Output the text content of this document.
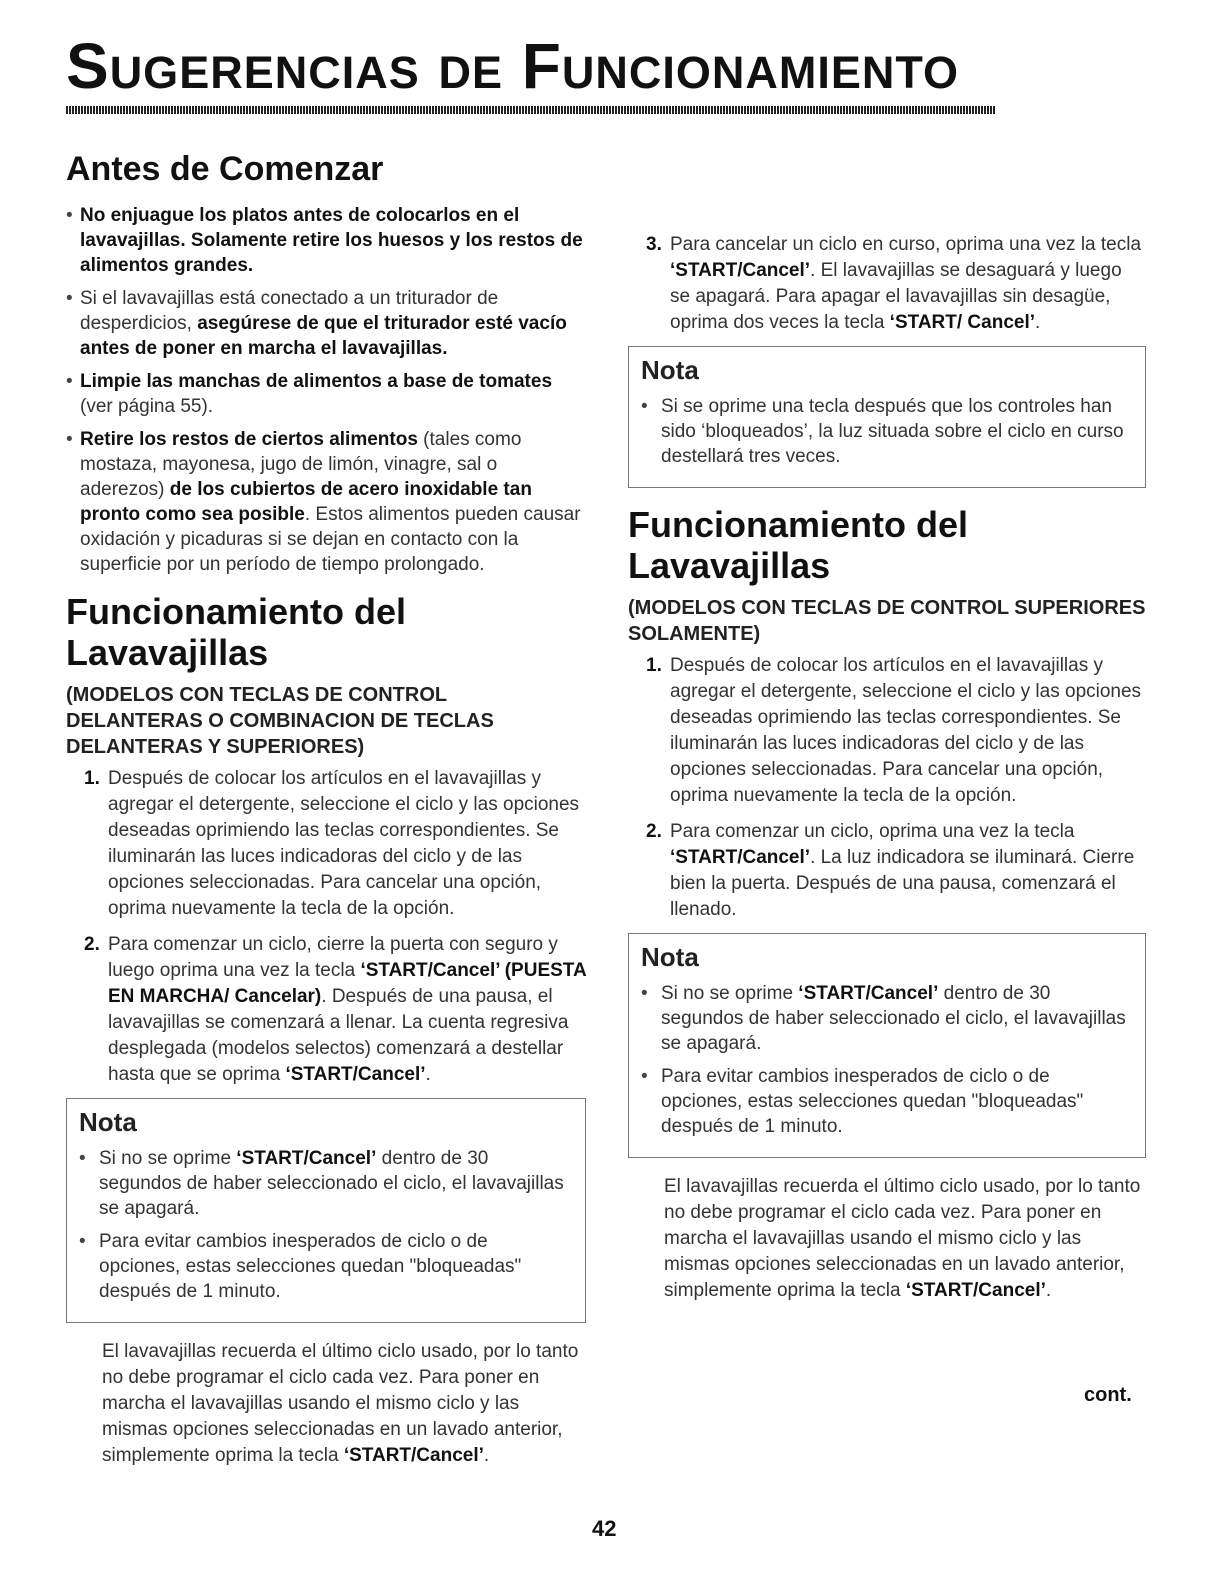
Sugerencias de Funcionamiento
Antes de Comenzar
• No enjuague los platos antes de colocarlos en el lavavajillas. Solamente retire los huesos y los restos de alimentos grandes.
• Si el lavavajillas está conectado a un triturador de desperdicios, asegúrese de que el triturador esté vacío antes de poner en marcha el lavavajillas.
• Limpie las manchas de alimentos a base de tomates (ver página 55).
• Retire los restos de ciertos alimentos (tales como mostaza, mayonesa, jugo de limón, vinagre, sal o aderezos) de los cubiertos de acero inoxidable tan pronto como sea posible. Estos alimentos pueden causar oxidación y picaduras si se dejan en contacto con la superficie por un período de tiempo prolongado.
Funcionamiento del Lavavajillas
(MODELOS CON TECLAS DE CONTROL DELANTERAS O COMBINACION DE TECLAS DELANTERAS Y SUPERIORES)
1. Después de colocar los artículos en el lavavajillas y agregar el detergente, seleccione el ciclo y las opciones deseadas oprimiendo las teclas correspondientes. Se iluminarán las luces indicadoras del ciclo y de las opciones seleccionadas. Para cancelar una opción, oprima nuevamente la tecla de la opción.
2. Para comenzar un ciclo, cierre la puerta con seguro y luego oprima una vez la tecla ‘START/Cancel’ (PUESTA EN MARCHA/ Cancelar). Después de una pausa, el lavavajillas se comenzará a llenar. La cuenta regresiva desplegada (modelos selectos) comenzará a destellar hasta que se oprima ‘START/Cancel’.
Nota
• Si no se oprime ‘START/Cancel’ dentro de 30 segundos de haber seleccionado el ciclo, el lavavajillas se apagará.
• Para evitar cambios inesperados de ciclo o de opciones, estas selecciones quedan "bloqueadas" después de 1 minuto.

El lavavajillas recuerda el último ciclo usado, por lo tanto no debe programar el ciclo cada vez. Para poner en marcha el lavavajillas usando el mismo ciclo y las mismas opciones seleccionadas en un lavado anterior, simplemente oprima la tecla ‘START/Cancel’.

3. Para cancelar un ciclo en curso, oprima una vez la tecla ‘START/Cancel’. El lavavajillas se desaguará y luego se apagará. Para apagar el lavavajillas sin desagüe, oprima dos veces la tecla ‘START/ Cancel’.
Nota
• Si se oprime una tecla después que los controles han sido ‘bloqueados’, la luz situada sobre el ciclo en curso destellará tres veces.
Funcionamiento del Lavavajillas
(MODELOS CON TECLAS DE CONTROL SUPERIORES SOLAMENTE)
1. Después de colocar los artículos en el lavavajillas y agregar el detergente, seleccione el ciclo y las opciones deseadas oprimiendo las teclas correspondientes. Se iluminarán las luces indicadoras del ciclo y de las opciones seleccionadas. Para cancelar una opción, oprima nuevamente la tecla de la opción.
2. Para comenzar un ciclo, oprima una vez la tecla ‘START/Cancel’. La luz indicadora se iluminará. Cierre bien la puerta. Después de una pausa, comenzará el llenado.
Nota
• Si no se oprime ‘START/Cancel’ dentro de 30 segundos de haber seleccionado el ciclo, el lavavajillas se apagará.
• Para evitar cambios inesperados de ciclo o de opciones, estas selecciones quedan "bloqueadas" después de 1 minuto.

El lavavajillas recuerda el último ciclo usado, por lo tanto no debe programar el ciclo cada vez. Para poner en marcha el lavavajillas usando el mismo ciclo y las mismas opciones seleccionadas en un lavado anterior, simplemente oprima la tecla ‘START/Cancel’.

cont.
42
